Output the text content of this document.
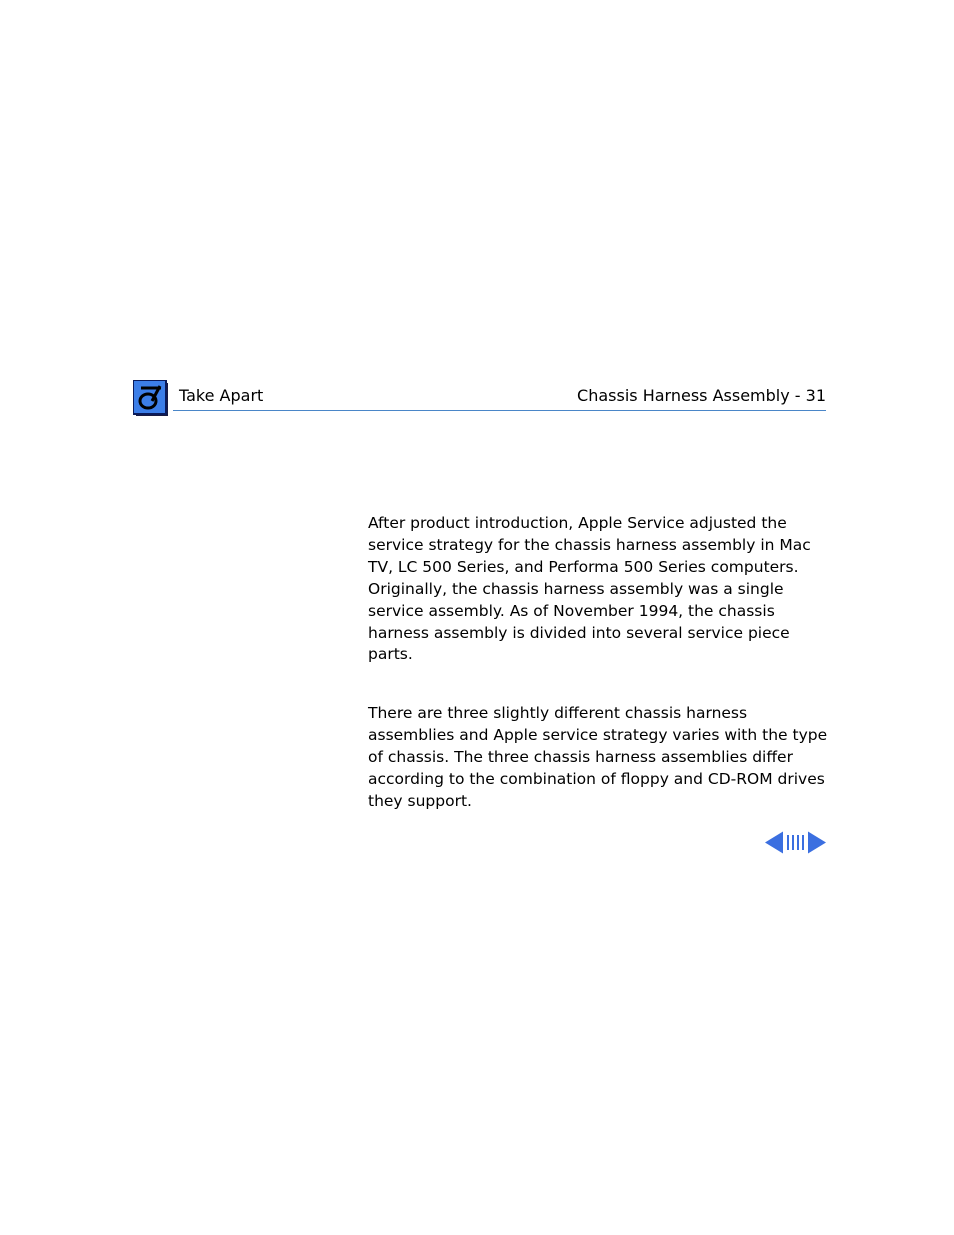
Take Apart	Chassis Harness Assembly - 31

After product introduction, Apple Service adjusted the service strategy for the chassis harness assembly in Mac TV, LC 500 Series, and Performa 500 Series computers. Originally, the chassis harness assembly was a single service assembly. As of November 1994, the chassis harness assembly is divided into several service piece parts.

There are three slightly different chassis harness assemblies and Apple service strategy varies with the type of chassis. The three chassis harness assemblies differ according to the combination of floppy and CD-ROM drives they support.
